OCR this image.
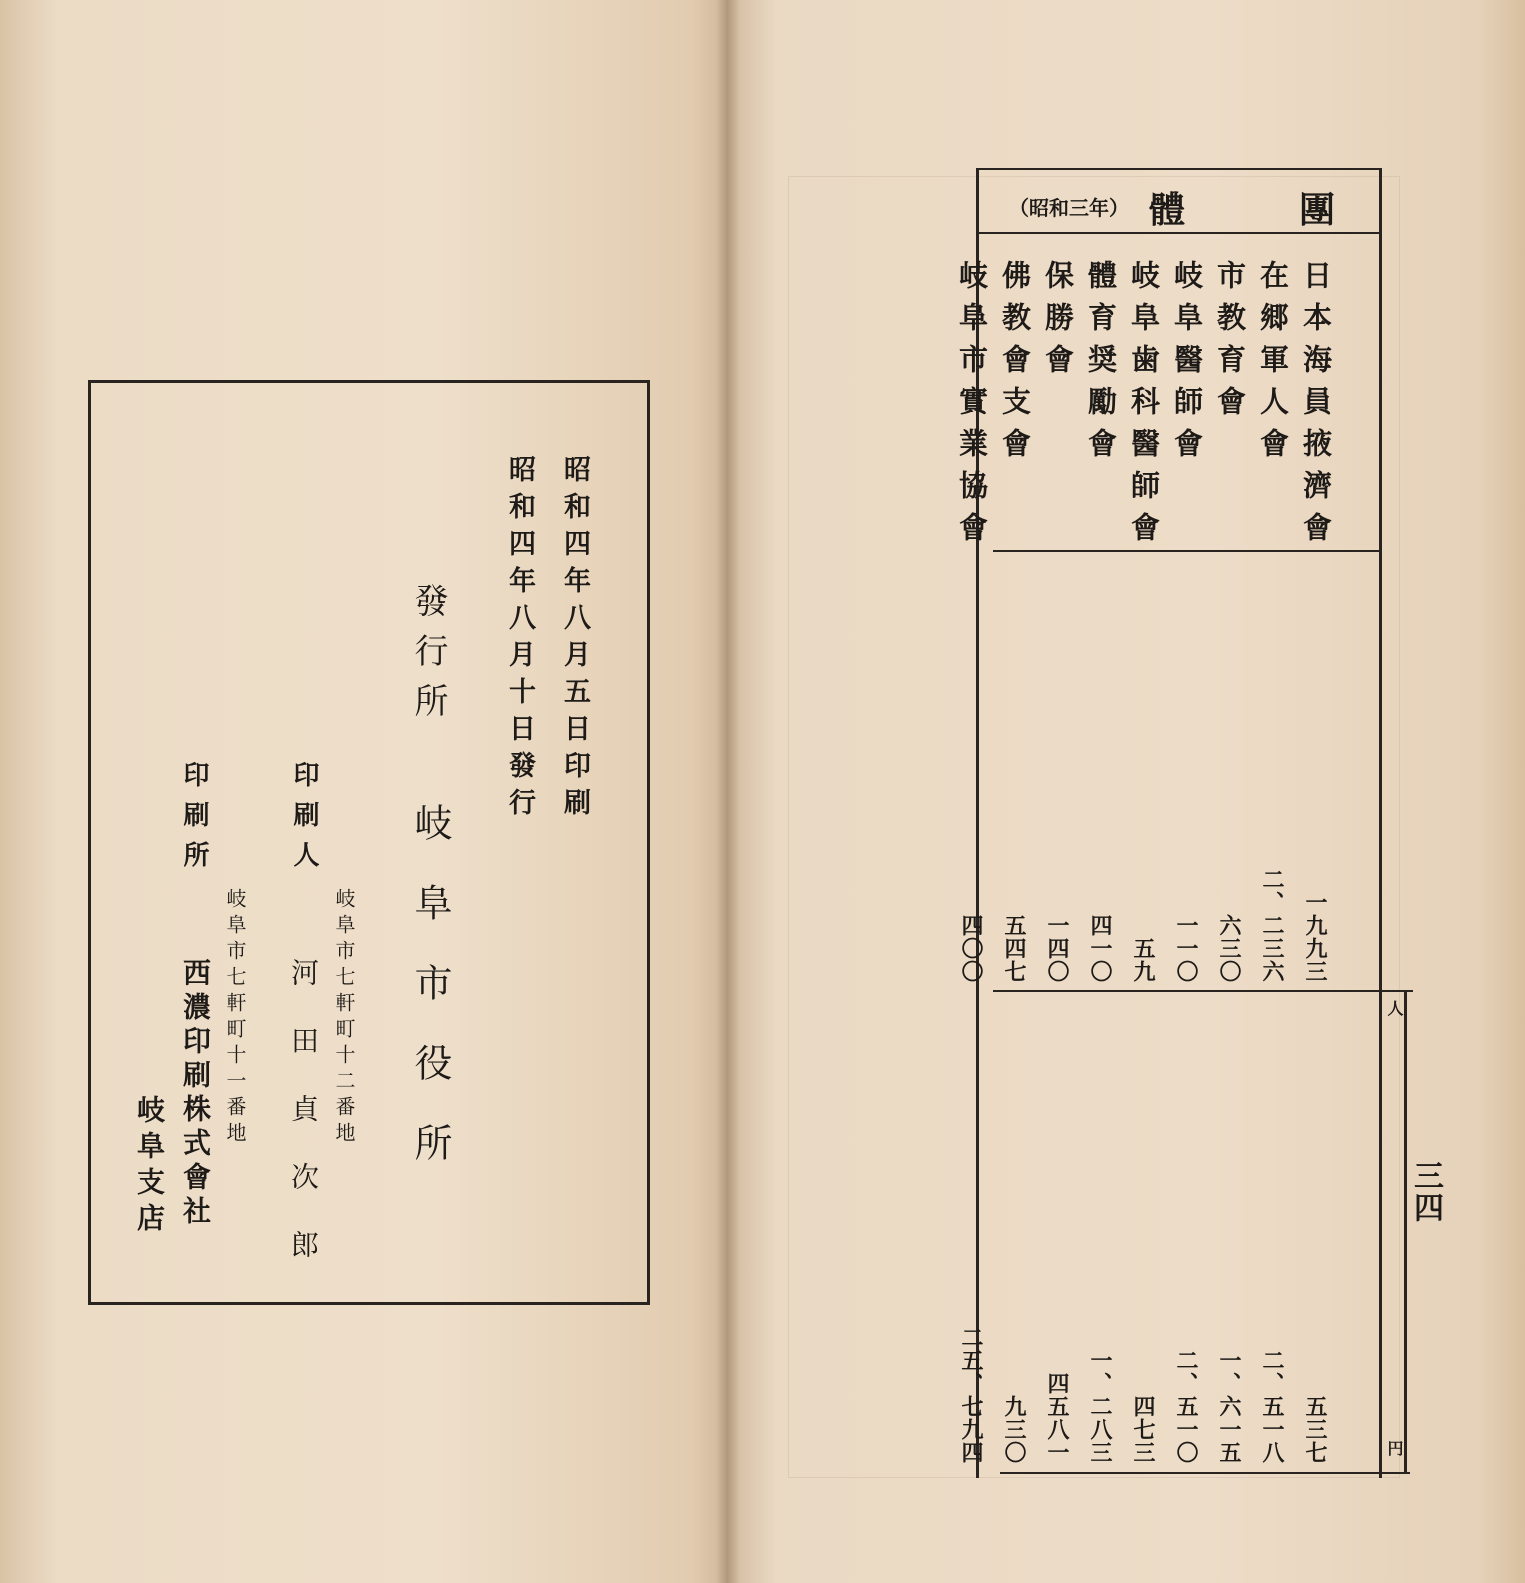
昭和四年八月五日印刷
昭和四年八月十日發行
發行所
岐阜市役所
印刷人
岐阜市七軒町十二番地
河田貞次郎
印刷所
岐阜市七軒町十一番地
西濃印刷株式會社
岐阜支店
團
體
（昭和三年）
日本海員掖濟會
一九九三
五三七
在郷軍人會
二、二三六
二、五一八
市教育會
六三〇
一、六一五
岐阜醫師會
一一〇
二、五一〇
岐阜歯科醫師會
五九
四七三
體育奨勵會
四一〇
一、二八三
保勝會
一四〇
四五八一
佛教會支會
五四七
九三〇
岐阜市實業協會
四〇〇
二五、七九四
人
円
三四
